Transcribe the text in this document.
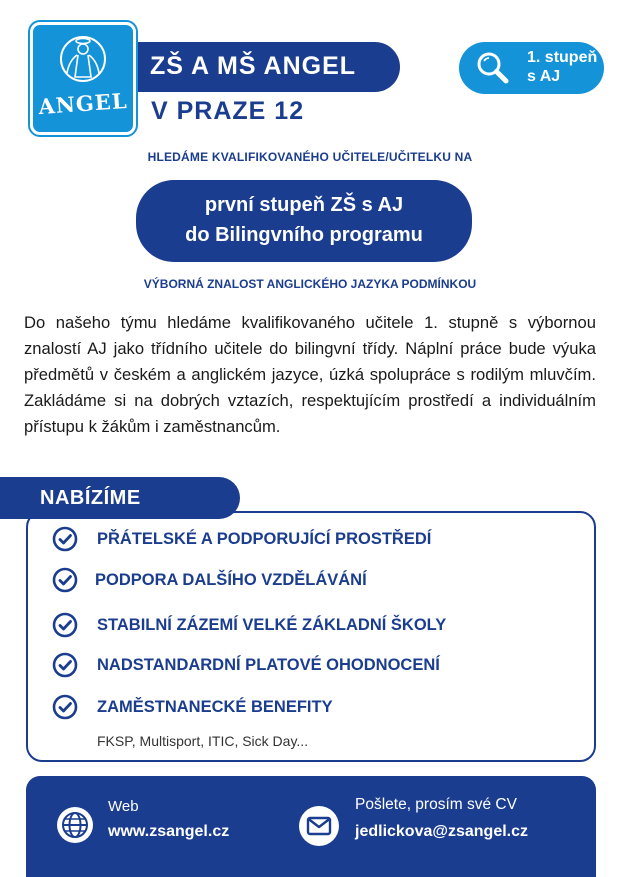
ANGEL
ZŠ A MŠ ANGEL
V PRAZE 12
1. stupeň
s AJ
HLEDÁME KVALIFIKOVANÉHO UČITELE/UČITELKU NA
první stupeň ZŠ s AJ
do Bilingvního programu
VÝBORNÁ ZNALOST ANGLICKÉHO JAZYKA PODMÍNKOU
Do našeho týmu hledáme kvalifikovaného učitele 1. stupně s výbornou znalostí AJ jako třídního učitele do bilingvní třídy. Náplní práce bude výuka předmětů v českém a anglickém jazyce, úzká spolupráce s rodilým mluvčím. Zakládáme si na dobrých vztazích, respektujícím prostředí a individuálním přístupu k žákům i zaměstnancům.
NABÍZÍME
PŘÁTELSKÉ A PODPORUJÍCÍ PROSTŘEDÍ
PODPORA DALŠÍHO VZDĚLÁVÁNÍ
STABILNÍ ZÁZEMÍ VELKÉ ZÁKLADNÍ ŠKOLY
NADSTANDARDNÍ PLATOVÉ OHODNOCENÍ
ZAMĚSTNANECKÉ BENEFITY
FKSP, Multisport, ITIC, Sick Day...
Web
www.zsangel.cz
Pošlete, prosím své CV
jedlickova@zsangel.cz
